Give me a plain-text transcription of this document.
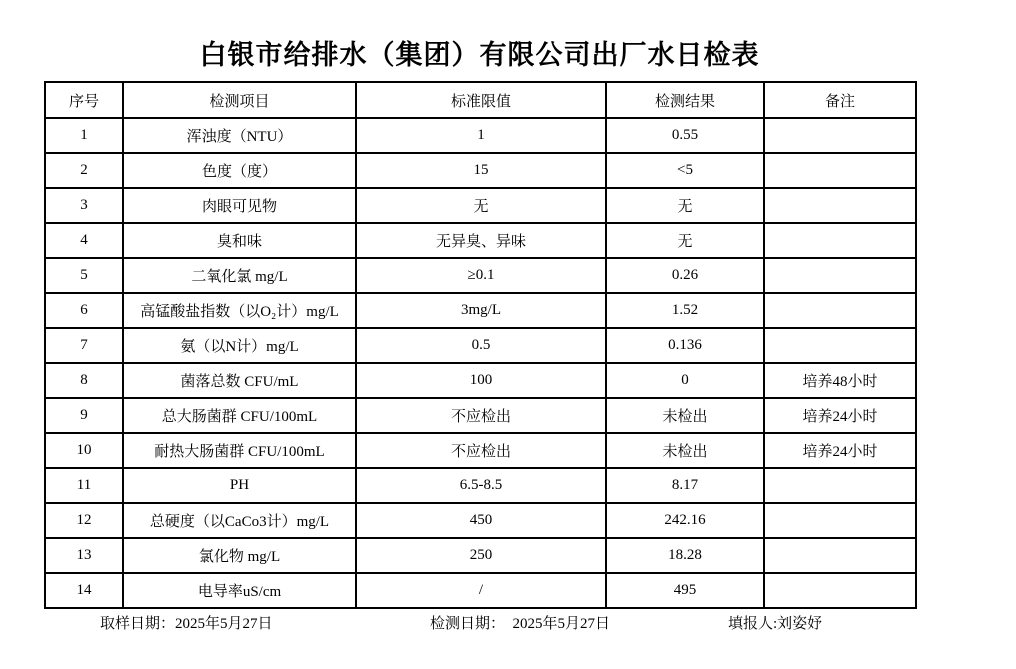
白银市给排水（集团）有限公司出厂水日检表
序号	检测项目	标准限值	检测结果	备注
1	浑浊度（NTU）	1	0.55	
2	色度（度）	15	<5	
3	肉眼可见物	无	无	
4	臭和味	无异臭、异味	无	
5	二氧化氯 mg/L	≥0.1	0.26	
6	高锰酸盐指数（以O₂计）mg/L	3mg/L	1.52	
7	氨（以N计）mg/L	0.5	0.136	
8	菌落总数 CFU/mL	100	0	培养48小时
9	总大肠菌群 CFU/100mL	不应检出	未检出	培养24小时
10	耐热大肠菌群 CFU/100mL	不应检出	未检出	培养24小时
11	PH	6.5-8.5	8.17	
12	总硬度（以CaCo3计）mg/L	450	242.16	
13	氯化物 mg/L	250	18.28	
14	电导率uS/cm	/	495	
取样日期：2025年5月27日	检测日期：  2025年5月27日	填报人:刘姿妤
